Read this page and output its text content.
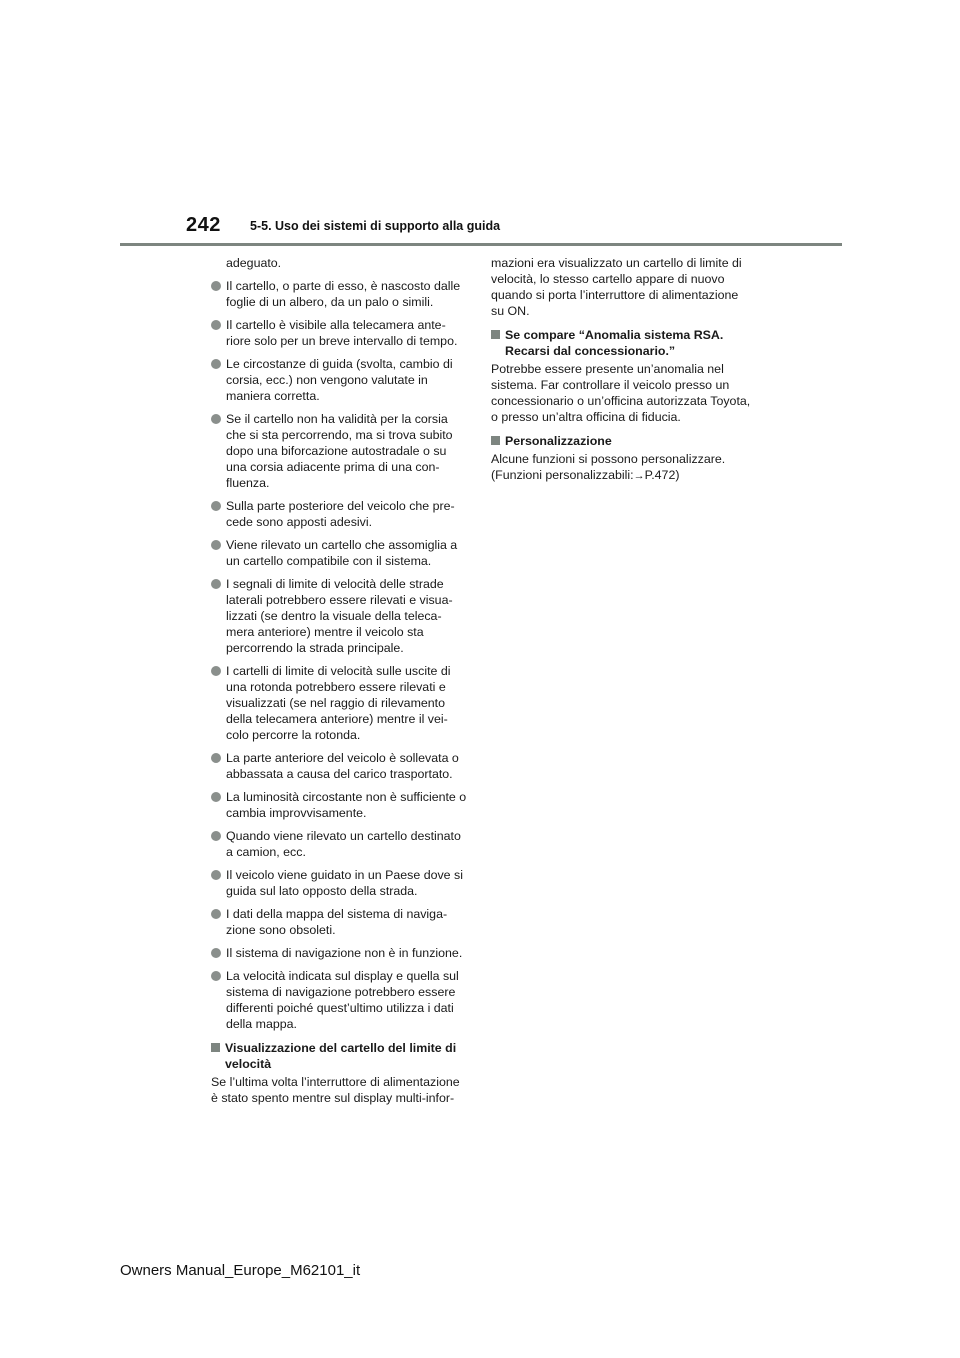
242 5-5. Uso dei sistemi di supporto alla guida
adeguato.
Il cartello, o parte di esso, è nascosto dalle foglie di un albero, da un palo o simili.
Il cartello è visibile alla telecamera ante- riore solo per un breve intervallo di tempo.
Le circostanze di guida (svolta, cambio di corsia, ecc.) non vengono valutate in maniera corretta.
Se il cartello non ha validità per la corsia che si sta percorrendo, ma si trova subito dopo una biforcazione autostradale o su una corsia adiacente prima di una con- fluenza.
Sulla parte posteriore del veicolo che pre- cede sono apposti adesivi.
Viene rilevato un cartello che assomiglia a un cartello compatibile con il sistema.
I segnali di limite di velocità delle strade laterali potrebbero essere rilevati e visua- lizzati (se dentro la visuale della teleca- mera anteriore) mentre il veicolo sta percorrendo la strada principale.
I cartelli di limite di velocità sulle uscite di una rotonda potrebbero essere rilevati e visualizzati (se nel raggio di rilevamento della telecamera anteriore) mentre il vei- colo percorre la rotonda.
La parte anteriore del veicolo è sollevata o abbassata a causa del carico trasportato.
La luminosità circostante non è sufficiente o cambia improvvisamente.
Quando viene rilevato un cartello destinato a camion, ecc.
Il veicolo viene guidato in un Paese dove si guida sul lato opposto della strada.
I dati della mappa del sistema di naviga- zione sono obsoleti.
Il sistema di navigazione non è in funzione.
La velocità indicata sul display e quella sul sistema di navigazione potrebbero essere differenti poiché quest’ultimo utilizza i dati della mappa.
Visualizzazione del cartello del limite di velocità
Se l’ultima volta l’interruttore di alimentazione è stato spento mentre sul display multi-infor-
mazioni era visualizzato un cartello di limite di velocità, lo stesso cartello appare di nuovo quando si porta l’interruttore di alimentazione su ON.
Se compare “Anomalia sistema RSA. Recarsi dal concessionario.”
Potrebbe essere presente un’anomalia nel sistema. Far controllare il veicolo presso un concessionario o un’officina autorizzata Toyota, o presso un’altra officina di fiducia.
Personalizzazione
Alcune funzioni si possono personalizzare.
(Funzioni personalizzabili:→P.472)
Owners Manual_Europe_M62101_it
